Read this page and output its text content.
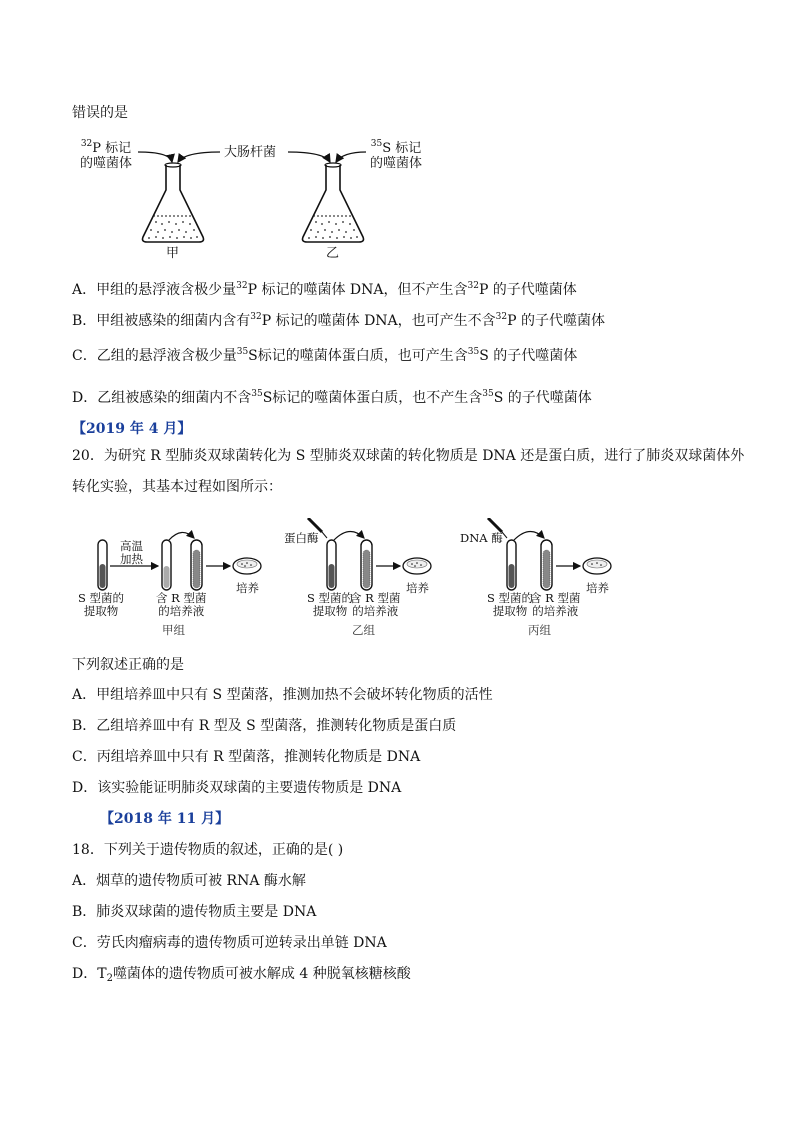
错误的是
$^{32}$P 标记
的噬菌体
大肠杆菌
$^{35}$S 标记
的噬菌体
甲	乙
A．甲组的悬浮液含极少量$^{32}$P 标记的噬菌体 DNA，但不产生含$^{32}$P 的子代噬菌体
B．甲组被感染的细菌内含有$^{32}$P 标记的噬菌体 DNA，也可产生不含$^{32}$P 的子代噬菌体
C．乙组的悬浮液含极少量$^{35}$S标记的噬菌体蛋白质，也可产生含$^{35}$S 的子代噬菌体
D．乙组被感染的细菌内不含$^{35}$S标记的噬菌体蛋白质，也不产生含$^{35}$S 的子代噬菌体
【2019 年 4 月】
20．为研究 R 型肺炎双球菌转化为 S 型肺炎双球菌的转化物质是 DNA 还是蛋白质，进行了肺炎双球菌体外
转化实验，其基本过程如图所示：
高温
加热
S 型菌的
提取物
含 R 型菌
的培养液
培养
甲组
蛋白酶
S 型菌的
提取物
含 R 型菌
的培养液
培养
乙组
DNA 酶
S 型菌的
提取物
含 R 型菌
的培养液
培养
丙组
下列叙述正确的是
A．甲组培养皿中只有 S 型菌落，推测加热不会破坏转化物质的活性
B．乙组培养皿中有 R 型及 S 型菌落，推测转化物质是蛋白质
C．丙组培养皿中只有 R 型菌落，推测转化物质是 DNA
D．该实验能证明肺炎双球菌的主要遗传物质是 DNA
【2018 年 11 月】
18．下列关于遗传物质的叙述，正确的是( )
A．烟草的遗传物质可被 RNA 酶水解
B．肺炎双球菌的遗传物质主要是 DNA
C．劳氏肉瘤病毒的遗传物质可逆转录出单链 DNA
D．$T_2$噬菌体的遗传物质可被水解成 4 种脱氧核糖核酸
